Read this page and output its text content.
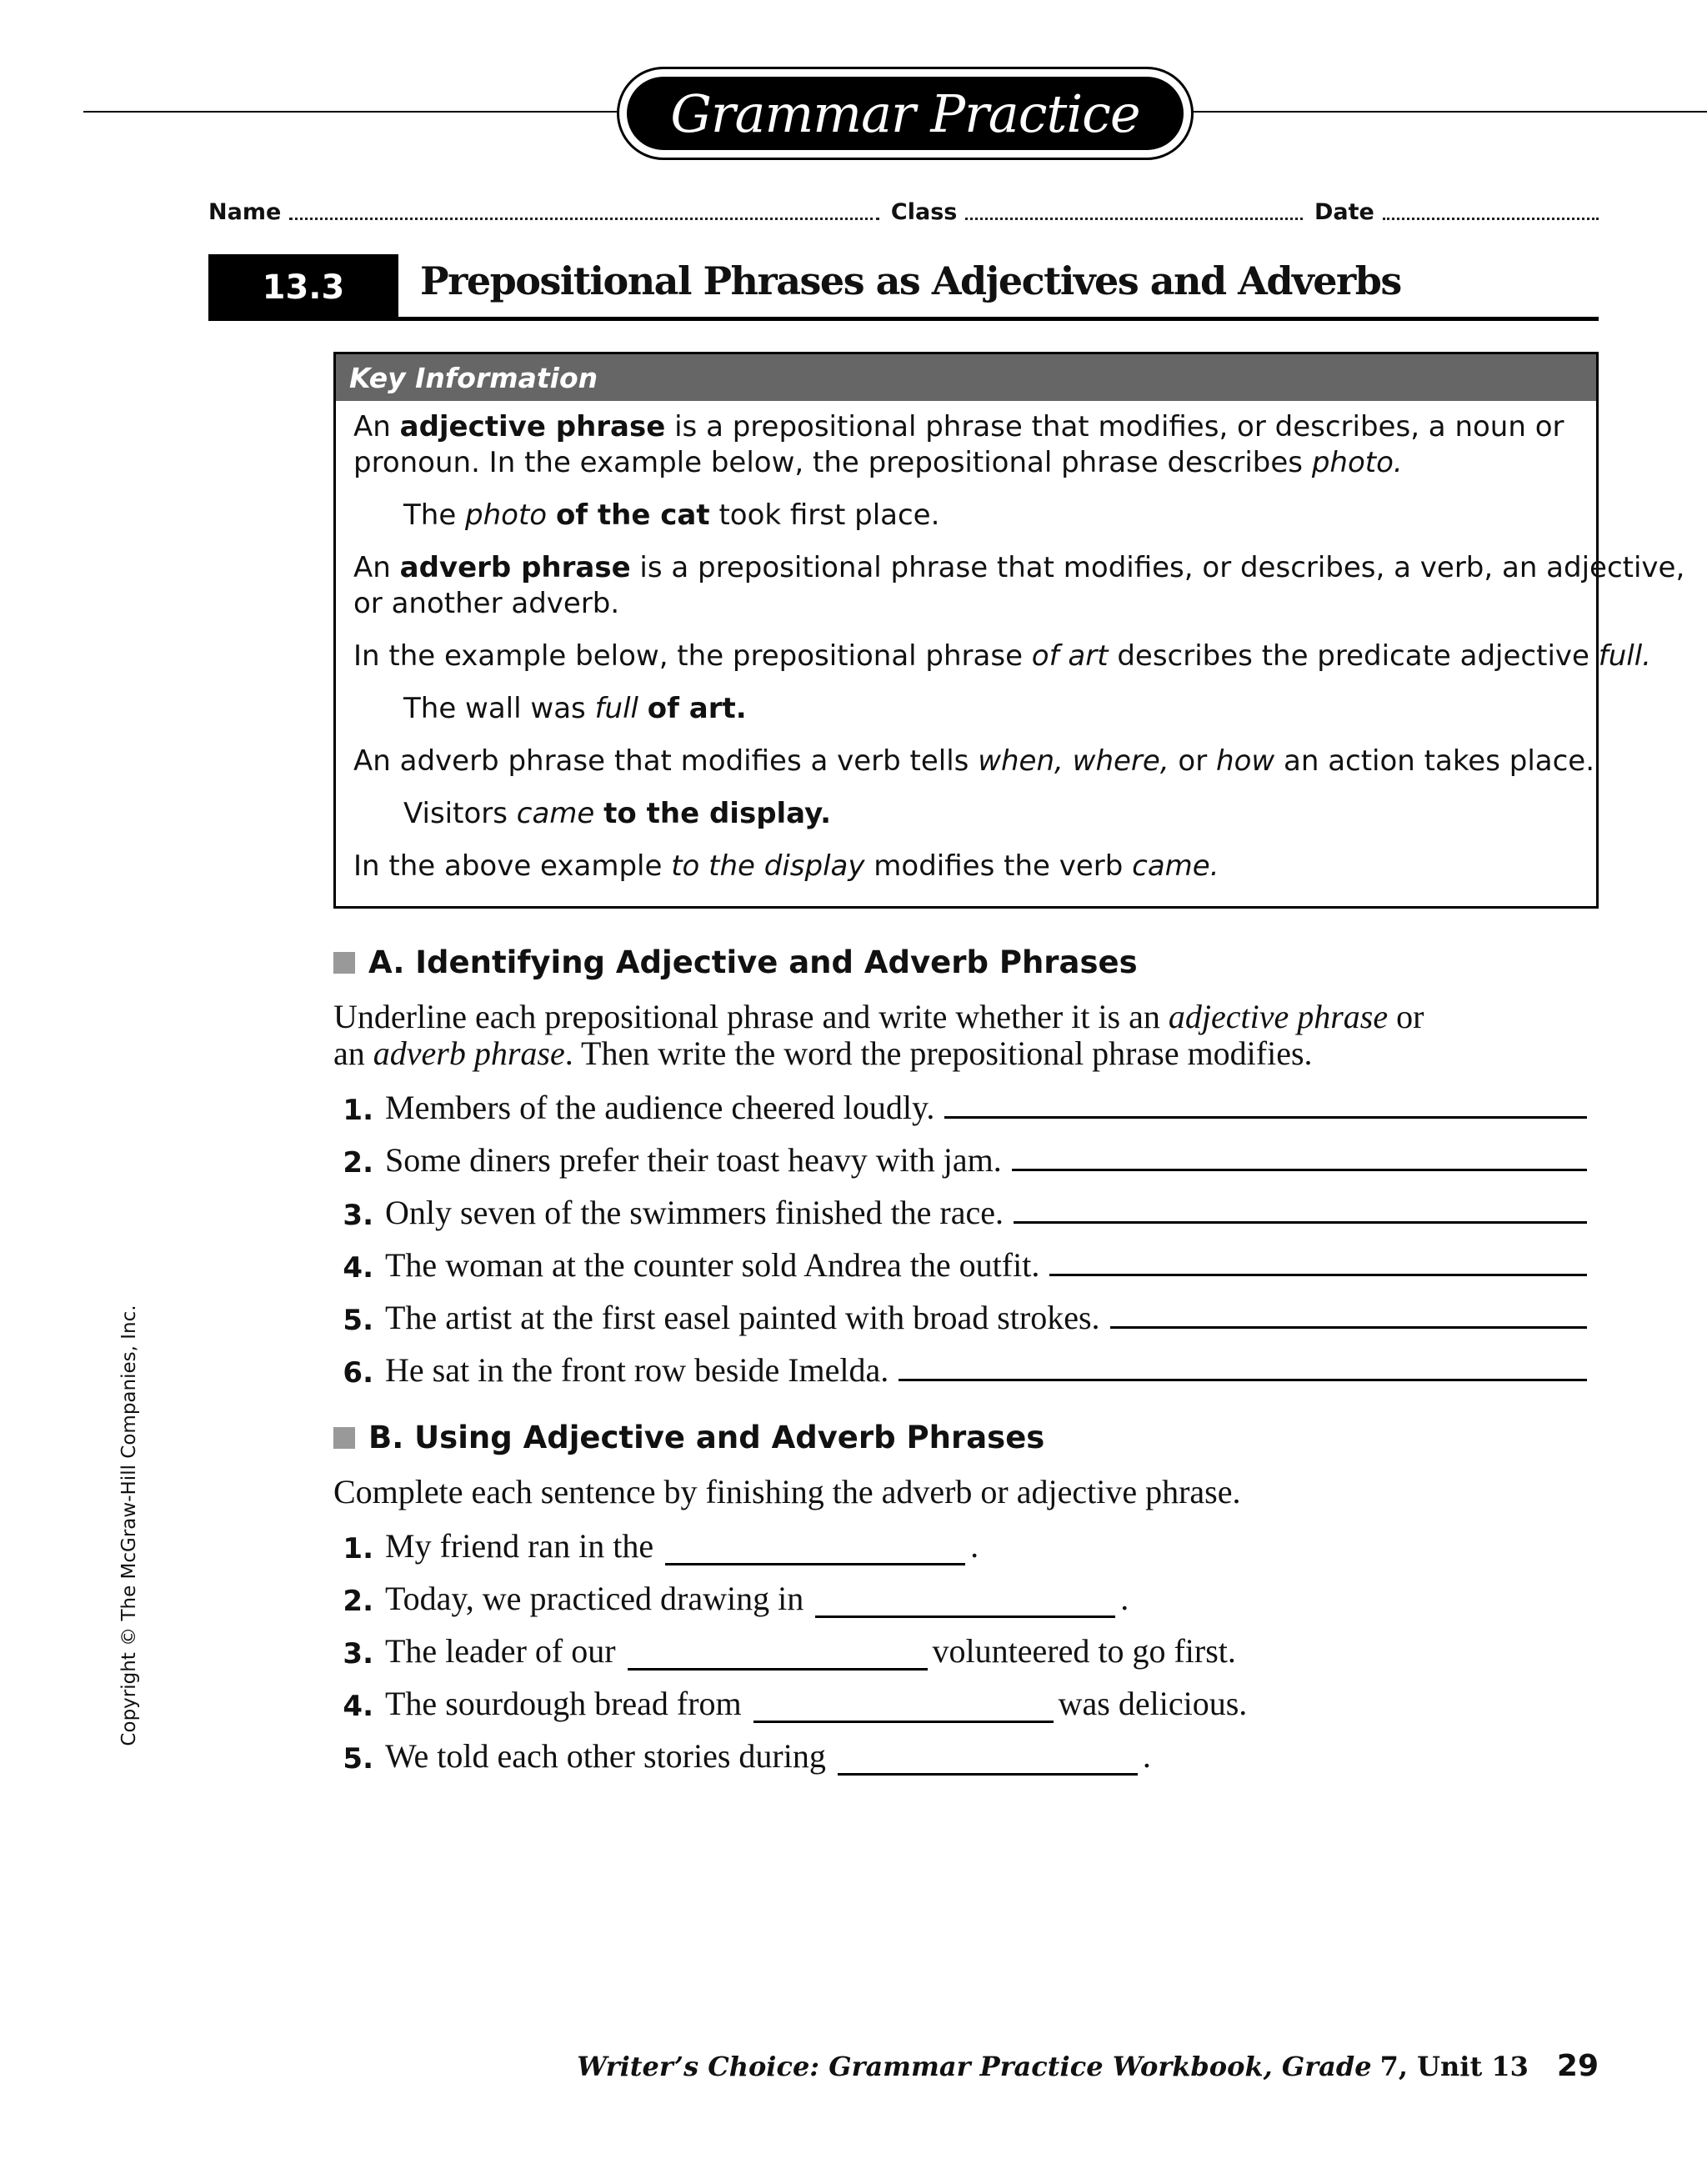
Grammar Practice
Name	Class	Date
13.3	Prepositional Phrases as Adjectives and Adverbs
Key Information
An adjective phrase is a prepositional phrase that modifies, or describes, a noun or
pronoun. In the example below, the prepositional phrase describes photo.
The photo of the cat took first place.
An adverb phrase is a prepositional phrase that modifies, or describes, a verb, an adjective,
or another adverb.
In the example below, the prepositional phrase of art describes the predicate adjective full.
The wall was full of art.
An adverb phrase that modifies a verb tells when, where, or how an action takes place.
Visitors came to the display.
In the above example to the display modifies the verb came.
A. Identifying Adjective and Adverb Phrases
Underline each prepositional phrase and write whether it is an adjective phrase or
an adverb phrase. Then write the word the prepositional phrase modifies.
1. Members of the audience cheered loudly.
2. Some diners prefer their toast heavy with jam.
3. Only seven of the swimmers finished the race.
4. The woman at the counter sold Andrea the outfit.
5. The artist at the first easel painted with broad strokes.
6. He sat in the front row beside Imelda.
B. Using Adjective and Adverb Phrases
Complete each sentence by finishing the adverb or adjective phrase.
1. My friend ran in the	.
2. Today, we practiced drawing in	.
3. The leader of our	volunteered to go first.
4. The sourdough bread from	was delicious.
5. We told each other stories during	.
Copyright © The McGraw-Hill Companies, Inc.
Writer’s Choice: Grammar Practice Workbook, Grade 7 , Unit 13 29
